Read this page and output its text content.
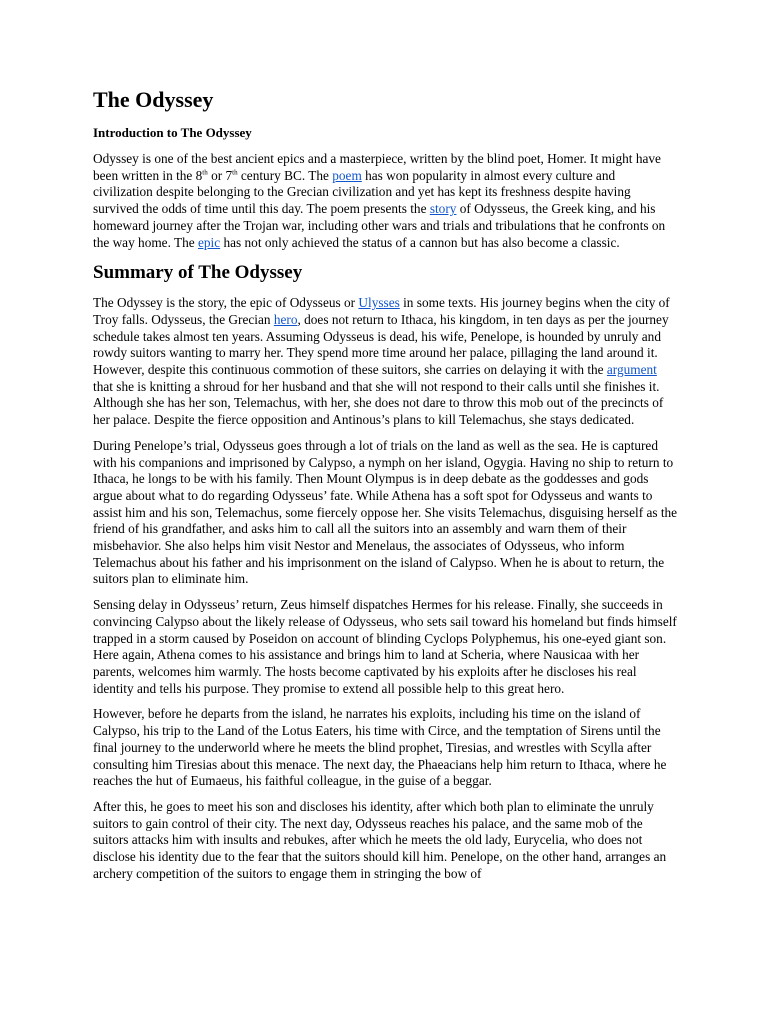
The Odyssey
Introduction to The Odyssey

Odyssey is one of the best ancient epics and a masterpiece, written by the blind poet, Homer. It might have been written in the 8th or 7th century BC. The poem has won popularity in almost every culture and civilization despite belonging to the Grecian civilization and yet has kept its freshness despite having survived the odds of time until this day. The poem presents the story of Odysseus, the Greek king, and his homeward journey after the Trojan war, including other wars and trials and tribulations that he confronts on the way home. The epic has not only achieved the status of a cannon but has also become a classic.

Summary of The Odyssey

The Odyssey is the story, the epic of Odysseus or Ulysses in some texts. His journey begins when the city of Troy falls. Odysseus, the Grecian hero, does not return to Ithaca, his kingdom, in ten days as per the journey schedule takes almost ten years. Assuming Odysseus is dead, his wife, Penelope, is hounded by unruly and rowdy suitors wanting to marry her. They spend more time around her palace, pillaging the land around it. However, despite this continuous commotion of these suitors, she carries on delaying it with the argument that she is knitting a shroud for her husband and that she will not respond to their calls until she finishes it. Although she has her son, Telemachus, with her, she does not dare to throw this mob out of the precincts of her palace. Despite the fierce opposition and Antinous’s plans to kill Telemachus, she stays dedicated.

During Penelope’s trial, Odysseus goes through a lot of trials on the land as well as the sea. He is captured with his companions and imprisoned by Calypso, a nymph on her island, Ogygia. Having no ship to return to Ithaca, he longs to be with his family. Then Mount Olympus is in deep debate as the goddesses and gods argue about what to do regarding Odysseus’ fate. While Athena has a soft spot for Odysseus and wants to assist him and his son, Telemachus, some fiercely oppose her. She visits Telemachus, disguising herself as the friend of his grandfather, and asks him to call all the suitors into an assembly and warn them of their misbehavior. She also helps him visit Nestor and Menelaus, the associates of Odysseus, who inform Telemachus about his father and his imprisonment on the island of Calypso. When he is about to return, the suitors plan to eliminate him.

Sensing delay in Odysseus’ return, Zeus himself dispatches Hermes for his release. Finally, she succeeds in convincing Calypso about the likely release of Odysseus, who sets sail toward his homeland but finds himself trapped in a storm caused by Poseidon on account of blinding Cyclops Polyphemus, his one-eyed giant son. Here again, Athena comes to his assistance and brings him to land at Scheria, where Nausicaa with her parents, welcomes him warmly. The hosts become captivated by his exploits after he discloses his real identity and tells his purpose. They promise to extend all possible help to this great hero.

However, before he departs from the island, he narrates his exploits, including his time on the island of Calypso, his trip to the Land of the Lotus Eaters, his time with Circe, and the temptation of Sirens until the final journey to the underworld where he meets the blind prophet, Tiresias, and wrestles with Scylla after consulting him Tiresias about this menace. The next day, the Phaeacians help him return to Ithaca, where he reaches the hut of Eumaeus, his faithful colleague, in the guise of a beggar.

After this, he goes to meet his son and discloses his identity, after which both plan to eliminate the unruly suitors to gain control of their city. The next day, Odysseus reaches his palace, and the same mob of the suitors attacks him with insults and rebukes, after which he meets the old lady, Eurycelia, who does not disclose his identity due to the fear that the suitors should kill him. Penelope, on the other hand, arranges an archery competition of the suitors to engage them in stringing the bow of
